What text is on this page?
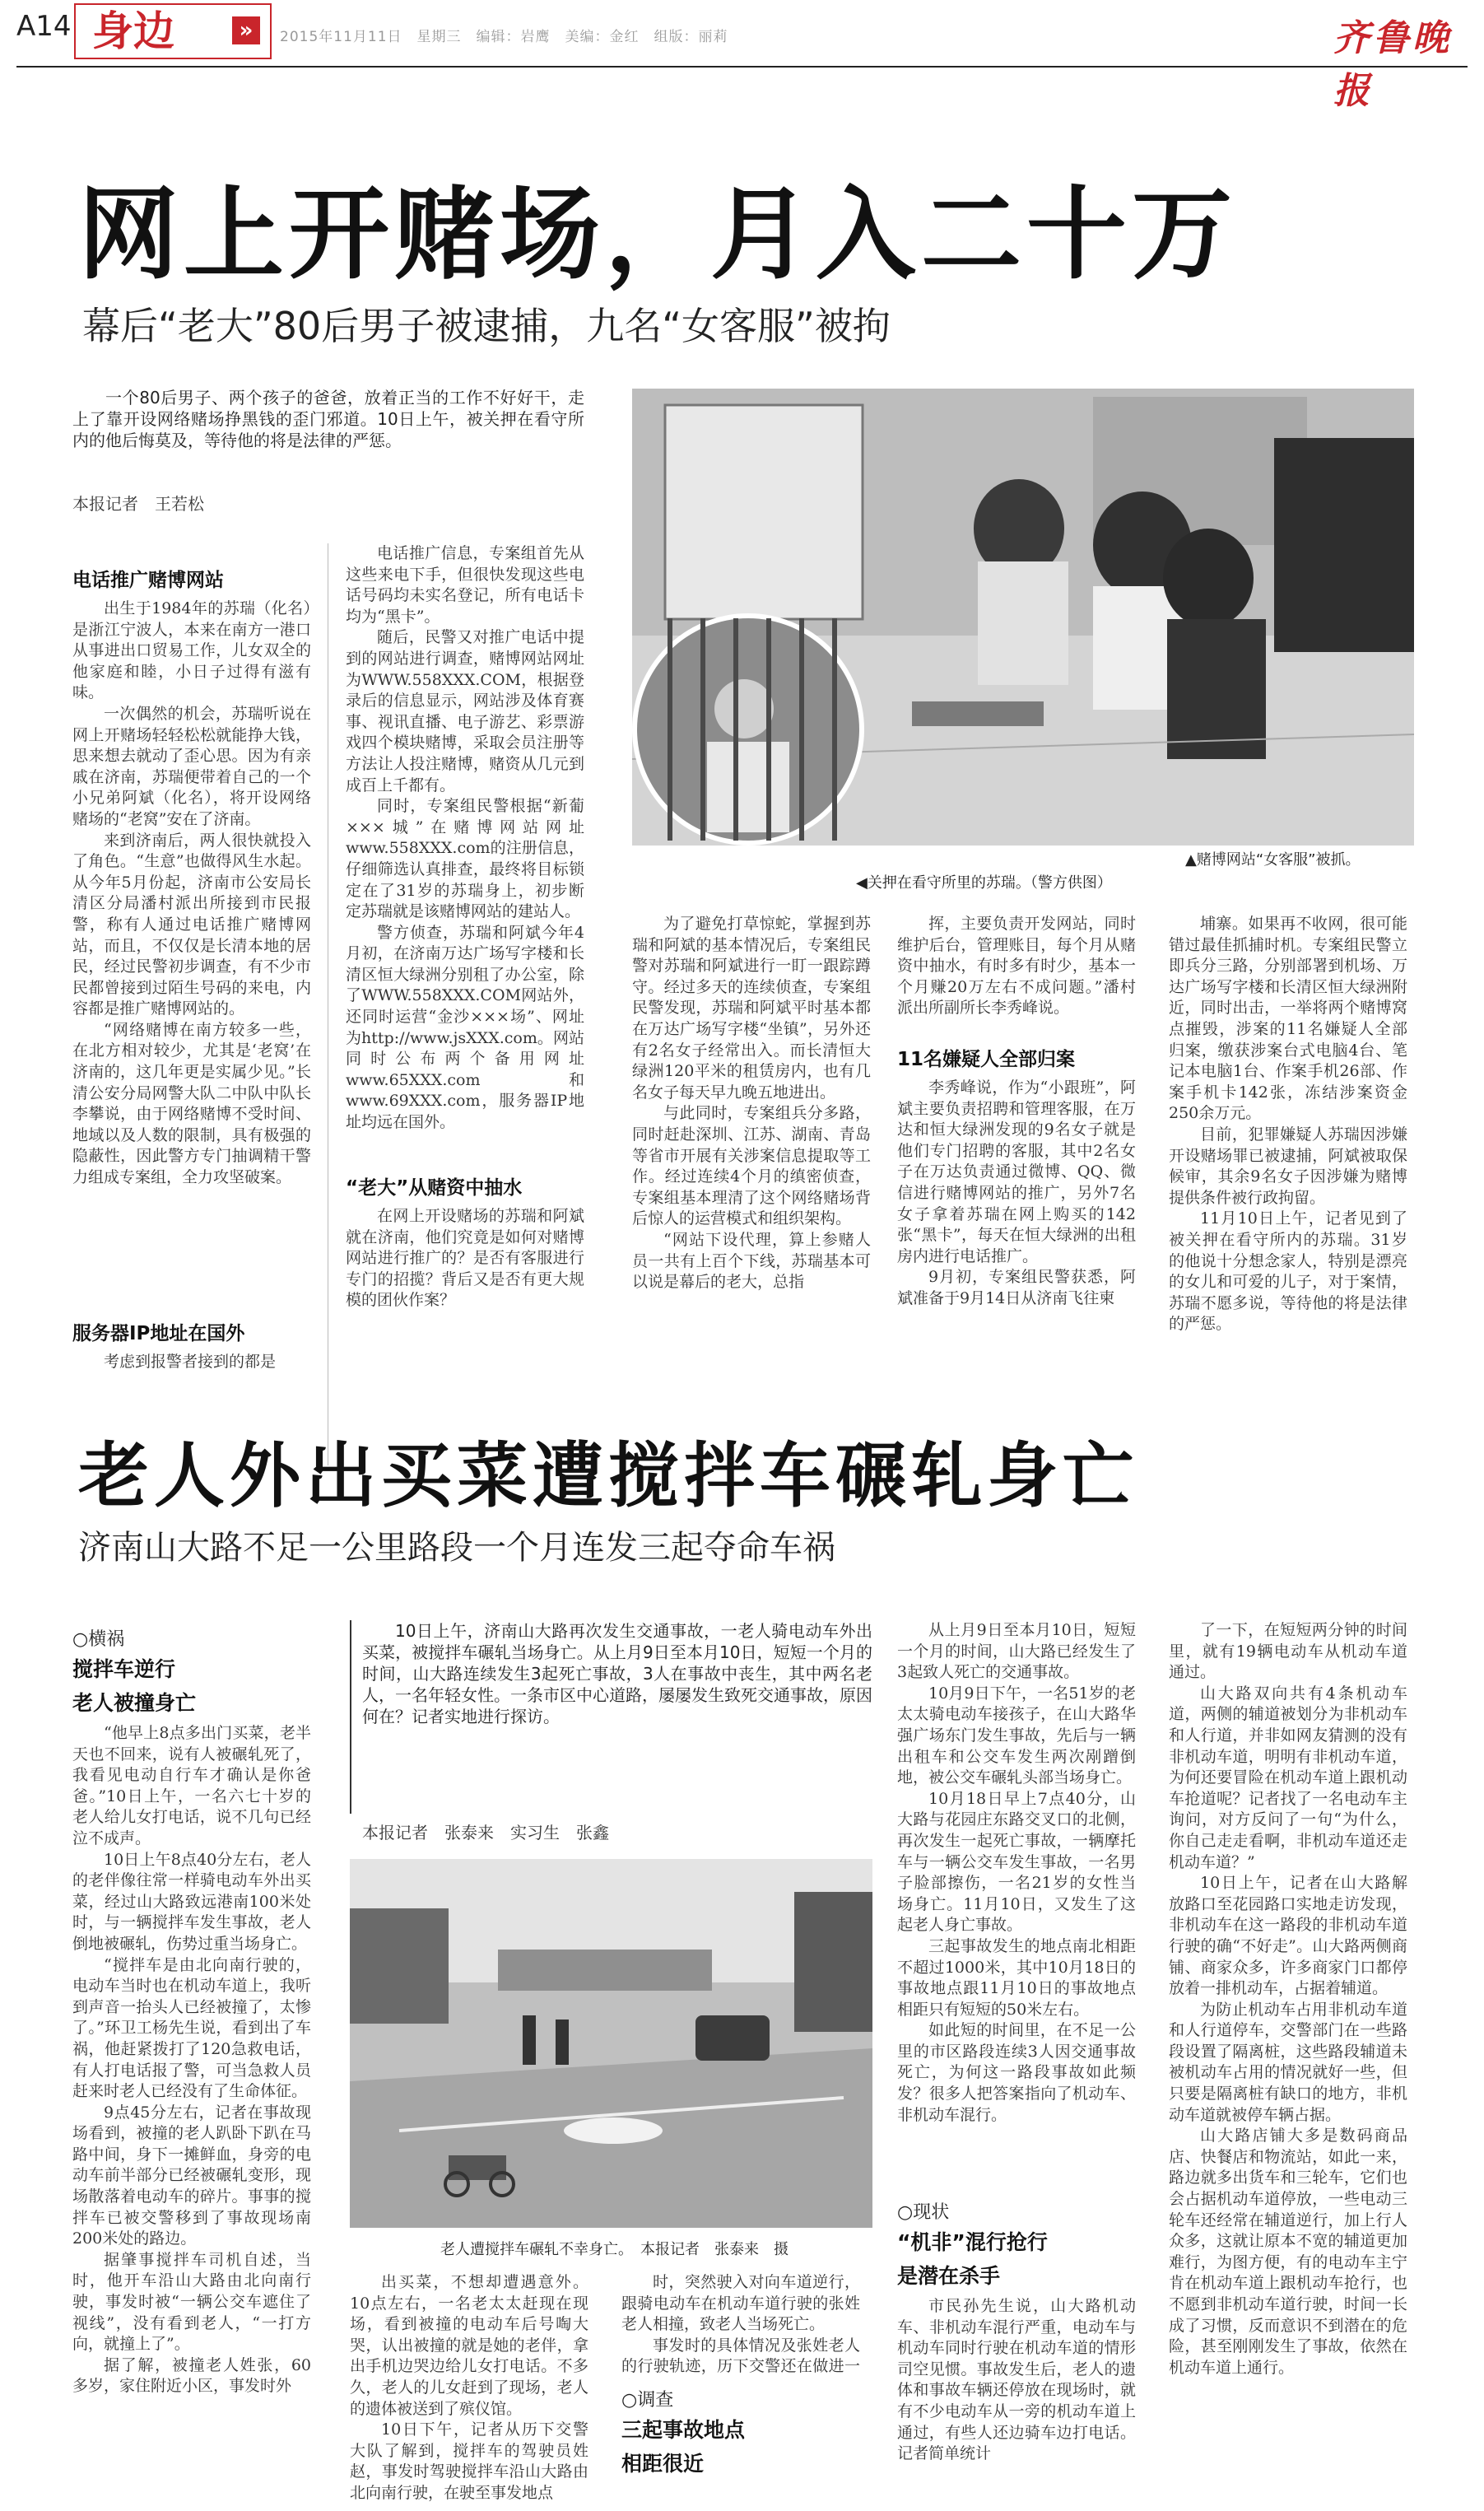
A14 身边	»	2015年11月11日　星期三　编辑：岩鹰　美编：金红　组版：丽莉	齐鲁晚报
网上开赌场，月入二十万
幕后“老大”80后男子被逮捕，九名“女客服”被拘
一个80后男子、两个孩子的爸爸，放着正当的工作不好好干，走上了靠开设网络赌场挣黑钱的歪门邪道。10日上午，被关押在看守所内的他后悔莫及，等待他的将是法律的严惩。
本报记者　王若松
▲赌博网站“女客服”被抓。
◀关押在看守所里的苏瑞。（警方供图）
电话推广赌博网站

出生于1984年的苏瑞（化名）是浙江宁波人，本来在南方一港口从事进出口贸易工作，儿女双全的他家庭和睦，小日子过得有滋有味。

一次偶然的机会，苏瑞听说在网上开赌场轻轻松松就能挣大钱，思来想去就动了歪心思。因为有亲戚在济南，苏瑞便带着自己的一个小兄弟阿斌（化名），将开设网络赌场的“老窝”安在了济南。

来到济南后，两人很快就投入了角色。“生意”也做得风生水起。从今年5月份起，济南市公安局长清区分局潘村派出所接到市民报警，称有人通过电话推广赌博网站，而且，不仅仅是长清本地的居民，经过民警初步调查，有不少市民都曾接到过陌生号码的来电，内容都是推广赌博网站的。

“网络赌博在南方较多一些，在北方相对较少，尤其是‘老窝’在济南的，这几年更是实属少见。”长清公安分局网警大队二中队中队长李攀说，由于网络赌博不受时间、地域以及人数的限制，具有极强的隐蔽性，因此警方专门抽调精干警力组成专案组，全力攻坚破案。

服务器IP地址在国外

考虑到报警者接到的都是

电话推广信息，专案组首先从这些来电下手，但很快发现这些电话号码均未实名登记，所有电话卡均为“黑卡”。

随后，民警又对推广电话中提到的网站进行调查，赌博网站网址为WWW.558XXX.COM，根据登录后的信息显示，网站涉及体育赛事、视讯直播、电子游艺、彩票游戏四个模块赌博，采取会员注册等方法让人投注赌博，赌资从几元到成百上千都有。

同时，专案组民警根据“新葡×××城”在赌博网站网址www.558XXX.com的注册信息，仔细筛选认真排查，最终将目标锁定在了31岁的苏瑞身上，初步断定苏瑞就是该赌博网站的建站人。

警方侦查，苏瑞和阿斌今年4月初，在济南万达广场写字楼和长清区恒大绿洲分别租了办公室，除了WWW.558XXX.COM网站外，还同时运营“金沙×××场”、网址为http://www.jsXXX.com。网站同时公布两个备用网址www.65XXX.com和www.69XXX.com，服务器IP地址均远在国外。

“老大”从赌资中抽水

在网上开设赌场的苏瑞和阿斌就在济南，他们究竟是如何对赌博网站进行推广的？是否有客服进行专门的招揽？背后又是否有更大规模的团伙作案？

为了避免打草惊蛇，掌握到苏瑞和阿斌的基本情况后，专案组民警对苏瑞和阿斌进行一盯一跟踪蹲守。经过多天的连续侦查，专案组民警发现，苏瑞和阿斌平时基本都在万达广场写字楼“坐镇”，另外还有2名女子经常出入。而长清恒大绿洲120平米的租赁房内，也有几名女子每天早九晚五地进出。

与此同时，专案组兵分多路，同时赶赴深圳、江苏、湖南、青岛等省市开展有关涉案信息提取等工作。经过连续4个月的缜密侦查，专案组基本理清了这个网络赌场背后惊人的运营模式和组织架构。

“网站下设代理，算上参赌人员一共有上百个下线，苏瑞基本可以说是幕后的老大，总指

挥，主要负责开发网站，同时维护后台，管理账目，每个月从赌资中抽水，有时多有时少，基本一个月赚20万左右不成问题。”潘村派出所副所长李秀峰说。

11名嫌疑人全部归案

李秀峰说，作为“小跟班”，阿斌主要负责招聘和管理客服，在万达和恒大绿洲发现的9名女子就是他们专门招聘的客服，其中2名女子在万达负责通过微博、QQ、微信进行赌博网站的推广，另外7名女子拿着苏瑞在网上购买的142张“黑卡”，每天在恒大绿洲的出租房内进行电话推广。

9月初，专案组民警获悉，阿斌准备于9月14日从济南飞往柬

埔寨。如果再不收网，很可能错过最佳抓捕时机。专案组民警立即兵分三路，分别部署到机场、万达广场写字楼和长清区恒大绿洲附近，同时出击，一举将两个赌博窝点摧毁，涉案的11名嫌疑人全部归案，缴获涉案台式电脑4台、笔记本电脑1台、作案手机26部、作案手机卡142张，冻结涉案资金250余万元。

目前，犯罪嫌疑人苏瑞因涉嫌开设赌场罪已被逮捕，阿斌被取保候审，其余9名女子因涉嫌为赌博提供条件被行政拘留。

11月10日上午，记者见到了被关押在看守所内的苏瑞。31岁的他说十分想念家人，特别是漂亮的女儿和可爱的儿子，对于案情，苏瑞不愿多说，等待他的将是法律的严惩。

老人外出买菜遭搅拌车碾轧身亡
济南山大路不足一公里路段一个月连发三起夺命车祸
○横祸
搅拌车逆行
老人被撞身亡

“他早上8点多出门买菜，老半天也不回来，说有人被碾轧死了，我看见电动自行车才确认是你爸爸。”10日上午，一名六七十岁的老人给儿女打电话，说不几句已经泣不成声。

10日上午8点40分左右，老人的老伴像往常一样骑电动车外出买菜，经过山大路致远港南100米处时，与一辆搅拌车发生事故，老人倒地被碾轧，伤势过重当场身亡。

“搅拌车是由北向南行驶的，电动车当时也在机动车道上，我听到声音一抬头人已经被撞了，太惨了。”环卫工杨先生说，看到出了车祸，他赶紧拨打了120急救电话，有人打电话报了警，可当急救人员赶来时老人已经没有了生命体征。

9点45分左右，记者在事故现场看到，被撞的老人趴卧下趴在马路中间，身下一摊鲜血，身旁的电动车前半部分已经被碾轧变形，现场散落着电动车的碎片。事事的搅拌车已被交警移到了事故现场南200米处的路边。

据肇事搅拌车司机自述，当时，他开车沿山大路由北向南行驶，事发时被“一辆公交车遮住了视线”，没有看到老人，“一打方向，就撞上了”。

据了解，被撞老人姓张，60多岁，家住附近小区，事发时外

10日上午，济南山大路再次发生交通事故，一老人骑电动车外出买菜，被搅拌车碾轧当场身亡。从上月9日至本月10日，短短一个月的时间，山大路连续发生3起死亡事故，3人在事故中丧生，其中两名老人，一名年轻女性。一条市区中心道路，屡屡发生致死交通事故，原因何在？记者实地进行探访。
本报记者　张泰来　实习生　张鑫
老人遭搅拌车碾轧不幸身亡。　本报记者　张泰来　摄

出买菜，不想却遭遇意外。10点左右，一名老太太赶现在现场，看到被撞的电动车后号啕大哭，认出被撞的就是她的老伴，拿出手机边哭边给儿女打电话。不多久，老人的儿女赶到了现场，老人的遗体被送到了殡仪馆。

10日下午，记者从历下交警大队了解到，搅拌车的驾驶员姓赵，事发时驾驶搅拌车沿山大路由北向南行驶，在驶至事发地点

时，突然驶入对向车道逆行，跟骑电动车在机动车道行驶的张姓老人相撞，致老人当场死亡。

事发时的具体情况及张姓老人的行驶轨迹，历下交警还在做进一

○调查
三起事故地点
相距很近

从上月9日至本月10日，短短一个月的时间，山大路已经发生了3起致人死亡的交通事故。

10月9日下午，一名51岁的老太太骑电动车接孩子，在山大路华强广场东门发生事故，先后与一辆出租车和公交车发生两次剐蹭倒地，被公交车碾轧头部当场身亡。

10月18日早上7点40分，山大路与花园庄东路交叉口的北侧，再次发生一起死亡事故，一辆摩托车与一辆公交车发生事故，一名男子脸部擦伤，一名21岁的女性当场身亡。11月10日，又发生了这起老人身亡事故。

三起事故发生的地点南北相距不超过1000米，其中10月18日的事故地点跟11月10日的事故地点相距只有短短的50米左右。

如此短的时间里，在不足一公里的市区路段连续3人因交通事故死亡，为何这一路段事故如此频发？很多人把答案指向了机动车、非机动车混行。

○现状
“机非”混行抢行
是潜在杀手

市民孙先生说，山大路机动车、非机动车混行严重，电动车与机动车同时行驶在机动车道的情形司空见惯。事故发生后，老人的遗体和事故车辆还停放在现场时，就有不少电动车从一旁的机动车道上通过，有些人还边骑车边打电话。记者简单统计

了一下，在短短两分钟的时间里，就有19辆电动车从机动车道通过。

山大路双向共有4条机动车道，两侧的辅道被划分为非机动车和人行道，并非如网友猜测的没有非机动车道，明明有非机动车道，为何还要冒险在机动车道上跟机动车抢道呢？记者找了一名电动车主询问，对方反问了一句“为什么，你自己走走看啊，非机动车道还走机动车道？”

10日上午，记者在山大路解放路口至花园路口实地走访发现，非机动车在这一路段的非机动车道行驶的确“不好走”。山大路两侧商铺、商家众多，许多商家门口都停放着一排机动车，占据着辅道。

为防止机动车占用非机动车道和人行道停车，交警部门在一些路段设置了隔离桩，这些路段辅道未被机动车占用的情况就好一些，但只要是隔离桩有缺口的地方，非机动车道就被停车辆占据。

山大路店铺大多是数码商品店、快餐店和物流站，如此一来，路边就多出货车和三轮车，它们也会占据机动车道停放，一些电动三轮车还经常在辅道逆行，加上行人众多，这就让原本不宽的辅道更加难行，为图方便，有的电动车主宁肯在机动车道上跟机动车抢行，也不愿到非机动车道行驶，时间一长成了习惯，反而意识不到潜在的危险，甚至刚刚发生了事故，依然在机动车道上通行。
